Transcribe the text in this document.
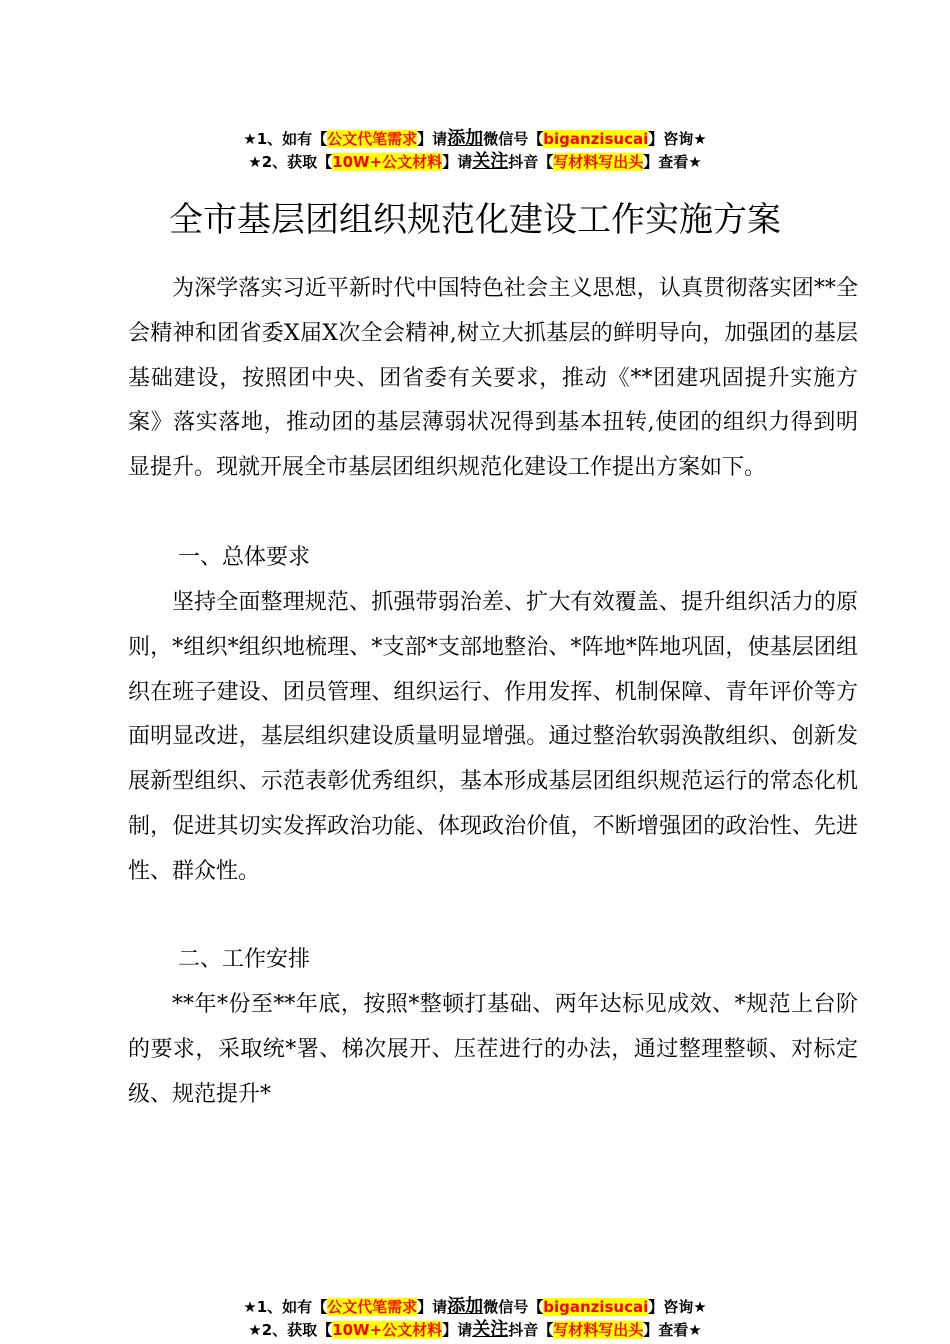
★1、如有【公文代笔需求】请添加微信号【biganzisucai】咨询★
★2、获取【10W+公文材料】请关注抖音【写材料写出头】查看★
全市基层团组织规范化建设工作实施方案

为深学落实习近平新时代中国特色社会主义思想，认真贯彻落实团**全会精神和团省委Ⅹ届Ⅹ次全会精神,树立大抓基层的鲜明导向，加强团的基层基础建设，按照团中央、团省委有关要求，推动《**团建巩固提升实施方案》落实落地，推动团的基层薄弱状况得到基本扭转,使团的组织力得到明显提升。现就开展全市基层团组织规范化建设工作提出方案如下。

一、总体要求

坚持全面整理规范、抓强带弱治差、扩大有效覆盖、提升组织活力的原则，*组织*组织地梳理、*支部*支部地整治、*阵地*阵地巩固，使基层团组织在班子建设、团员管理、组织运行、作用发挥、机制保障、青年评价等方面明显改进，基层组织建设质量明显增强。通过整治软弱涣散组织、创新发展新型组织、示范表彰优秀组织，基本形成基层团组织规范运行的常态化机制，促进其切实发挥政治功能、体现政治价值，不断增强团的政治性、先进性、群众性。

二、工作安排

**年*份至**年底，按照*整顿打基础、两年达标见成效、*规范上台阶的要求，采取统*署、梯次展开、压茬进行的办法，通过整理整顿、对标定级、规范提升*

★1、如有【公文代笔需求】请添加微信号【biganzisucai】咨询★
★2、获取【10W+公文材料】请关注抖音【写材料写出头】查看★
